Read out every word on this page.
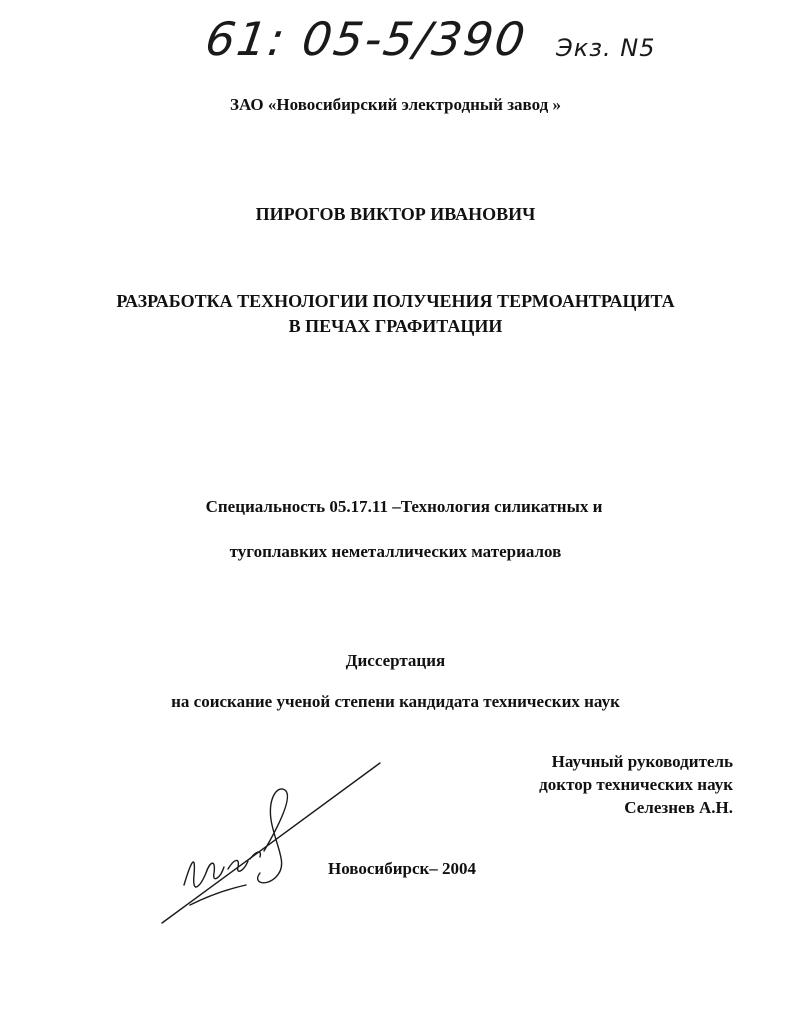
61: 05-5/390 Экз. N5
ЗАО «Новосибирский электродный завод »
ПИРОГОВ ВИКТОР ИВАНОВИЧ
РАЗРАБОТКА ТЕХНОЛОГИИ ПОЛУЧЕНИЯ ТЕРМОАНТРАЦИТА
В ПЕЧАХ ГРАФИТАЦИИ
Специальность 05.17.11 –Технология силикатных и
тугоплавких неметаллических материалов
Диссертация
на соискание ученой степени кандидата технических наук
Научный руководитель
доктор технических наук
Селезнев А.Н.
Новосибирск– 2004
